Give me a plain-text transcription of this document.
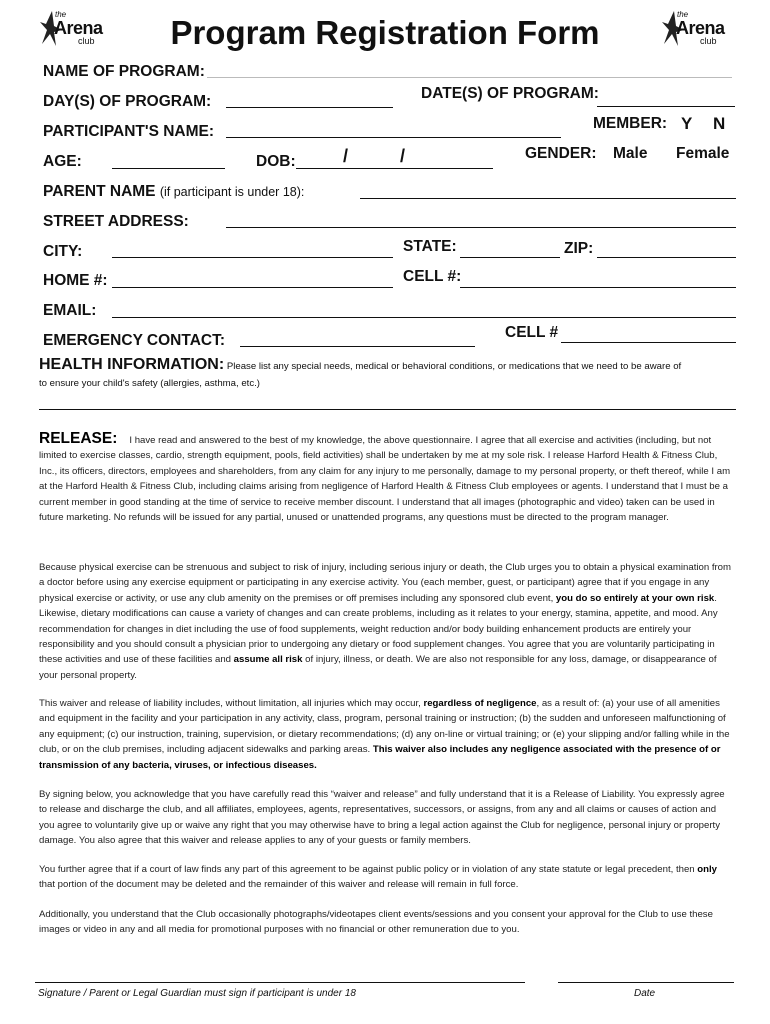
the
Arena
club
the
Arena
club
Program Registration Form
NAME OF PROGRAM:
DAY(S) OF PROGRAM:	DATE(S) OF PROGRAM:
PARTICIPANT'S NAME:	MEMBER: Y N
AGE:	DOB:	/	/	GENDER: Male Female
PARENT NAME (if participant is under 18):
STREET ADDRESS:
CITY:	STATE:	ZIP:
HOME #:	CELL #:
EMAIL:
EMERGENCY CONTACT:	CELL #
HEALTH INFORMATION: Please list any special needs, medical or behavioral conditions, or medications that we need to be aware of
to ensure your child's safety (allergies, asthma, etc.)
RELEASE: I have read and answered to the best of my knowledge, the above questionnaire. I agree that all exercise and activities (including, but not limited to exercise classes, cardio, strength equipment, pools, field activities) shall be undertaken by me at my sole risk. I release Harford Health & Fitness Club, Inc., its officers, directors, employees and shareholders, from any claim for any injury to me personally, damage to my personal property, or theft thereof, while I am at the Harford Health & Fitness Club, including claims arising from negligence of Harford Health & Fitness Club employees or agents. I understand that I must be a current member in good standing at the time of service to receive member discount. I understand that all images (photographic and video) taken can be used in future marketing. No refunds will be issued for any partial, unused or unattended programs, any questions must be directed to the program manager.
Because physical exercise can be strenuous and subject to risk of injury, including serious injury or death, the Club urges you to obtain a physical examination from a doctor before using any exercise equipment or participating in any exercise activity. You (each member, guest, or participant) agree that if you engage in any physical exercise or activity, or use any club amenity on the premises or off premises including any sponsored club event, you do so entirely at your own risk. Likewise, dietary modifications can cause a variety of changes and can create problems, including as it relates to your energy, stamina, appetite, and mood. Any recommendation for changes in diet including the use of food supplements, weight reduction and/or body building enhancement products are entirely your responsibility and you should consult a physician prior to undergoing any dietary or food supplement changes. You agree that you are voluntarily participating in these activities and use of these facilities and assume all risk of injury, illness, or death. We are also not responsible for any loss, damage, or disappearance of your personal property.
This waiver and release of liability includes, without limitation, all injuries which may occur, regardless of negligence, as a result of: (a) your use of all amenities and equipment in the facility and your participation in any activity, class, program, personal training or instruction; (b) the sudden and unforeseen malfunctioning of any equipment; (c) our instruction, training, supervision, or dietary recommendations; (d) any on-line or virtual training; or (e) your slipping and/or falling while in the club, or on the club premises, including adjacent sidewalks and parking areas. This waiver also includes any negligence associated with the presence of or transmission of any bacteria, viruses, or infectious diseases.
By signing below, you acknowledge that you have carefully read this “waiver and release” and fully understand that it is a Release of Liability. You expressly agree to release and discharge the club, and all affiliates, employees, agents, representatives, successors, or assigns, from any and all claims or causes of action and you agree to voluntarily give up or waive any right that you may otherwise have to bring a legal action against the Club for negligence, personal injury or property damage. You also agree that this waiver and release applies to any of your guests or family members.
You further agree that if a court of law finds any part of this agreement to be against public policy or in violation of any state statute or legal precedent, then only that portion of the document may be deleted and the remainder of this waiver and release will remain in full force.
Additionally, you understand that the Club occasionally photographs/videotapes client events/sessions and you consent your approval for the Club to use these images or video in any and all media for promotional purposes with no financial or other remuneration due to you.
Signature / Parent or Legal Guardian must sign if participant is under 18	Date
